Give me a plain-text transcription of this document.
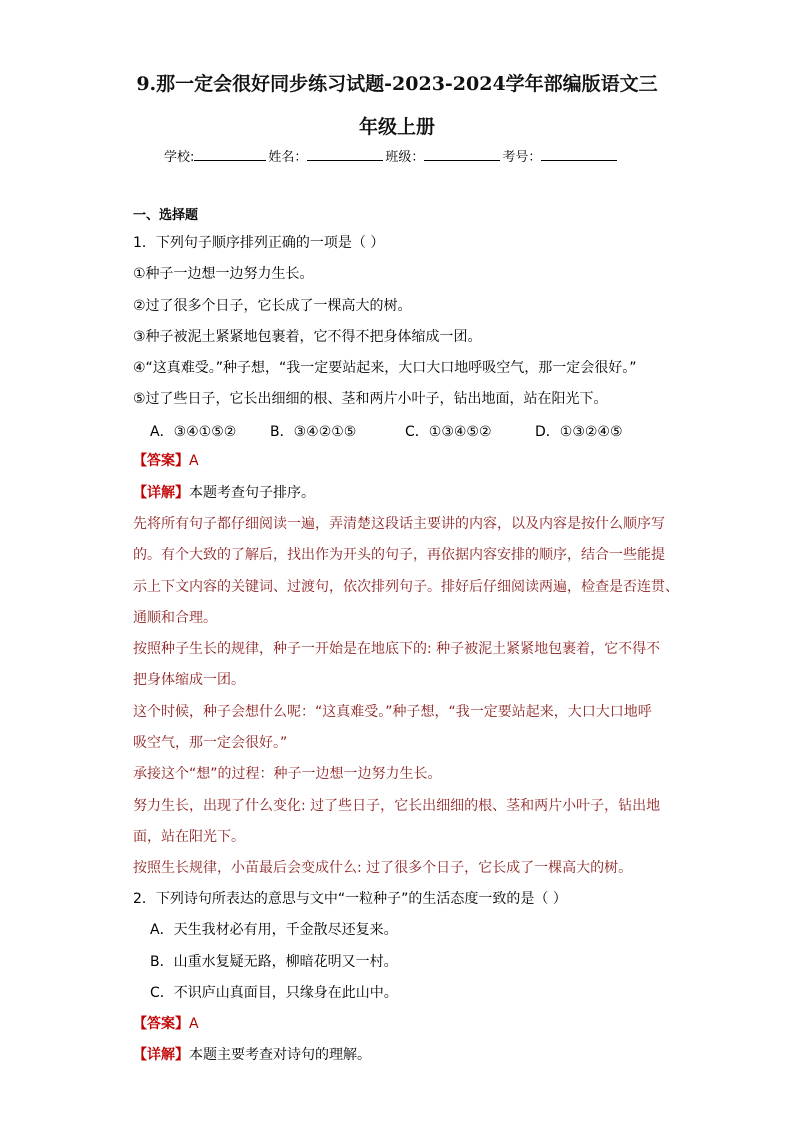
9.那一定会很好同步练习试题-2023-2024学年部编版语文三
年级上册
学校:	姓名：	班级：	考号：
一、选择题
1．下列句子顺序排列正确的一项是（ ）
①种子一边想一边努力生长。
②过了很多个日子，它长成了一棵高大的树。
③种子被泥土紧紧地包裹着，它不得不把身体缩成一团。
④“这真难受。”种子想，“我一定要站起来，大口大口地呼吸空气，那一定会很好。”
⑤过了些日子，它长出细细的根、茎和两片小叶子，钻出地面，站在阳光下。
A．③④①⑤② B．③④②①⑤	C．①③④⑤②	D．①③②④⑤
【答案】A
【详解】本题考查句子排序。
先将所有句子都仔细阅读一遍，弄清楚这段话主要讲的内容，以及内容是按什么顺序写
的。有个大致的了解后，找出作为开头的句子，再依据内容安排的顺序，结合一些能提
示上下文内容的关键词、过渡句，依次排列句子。排好后仔细阅读两遍，检查是否连贯、
通顺和合理。
按照种子生长的规律，种子一开始是在地底下的: 种子被泥土紧紧地包裹着，它不得不
把身体缩成一团。
这个时候，种子会想什么呢：“这真难受。”种子想，“我一定要站起来，大口大口地呼
吸空气，那一定会很好。”
承接这个“想”的过程：种子一边想一边努力生长。
努力生长，出现了什么变化: 过了些日子，它长出细细的根、茎和两片小叶子，钻出地
面，站在阳光下。
按照生长规律，小苗最后会变成什么: 过了很多个日子，它长成了一棵高大的树。
2．下列诗句所表达的意思与文中“一粒种子”的生活态度一致的是（ ）
A．天生我材必有用，千金散尽还复来。
B．山重水复疑无路，柳暗花明又一村。
C．不识庐山真面目，只缘身在此山中。
【答案】A
【详解】本题主要考查对诗句的理解。
